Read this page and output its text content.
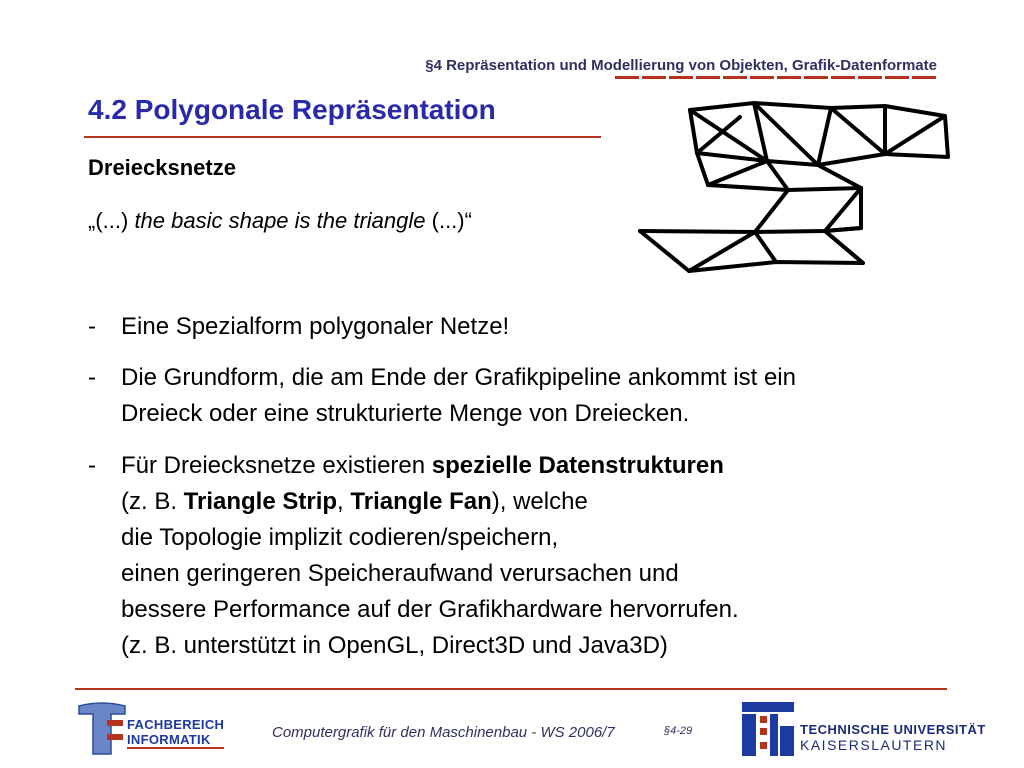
§4 Repräsentation und Modellierung von Objekten, Grafik-Datenformate
4.2 Polygonale Repräsentation
Dreiecksnetze
„(...) the basic shape is the triangle (...)“
- Eine Spezialform polygonaler Netze!
- Die Grundform, die am Ende der Grafikpipeline ankommt ist ein
Dreieck oder eine strukturierte Menge von Dreiecken.
- Für Dreiecksnetze existieren spezielle Datenstrukturen
(z. B. Triangle Strip, Triangle Fan), welche
die Topologie implizit codieren/speichern,
einen geringeren Speicheraufwand verursachen und
bessere Performance auf der Grafikhardware hervorrufen.
(z. B. unterstützt in OpenGL, Direct3D und Java3D)
FACHBEREICH
INFORMATIK	Computergrafik für den Maschinenbau - WS 2006/7	§4-29	TECHNISCHE UNIVERSITÄT
KAISERSLAUTERN
